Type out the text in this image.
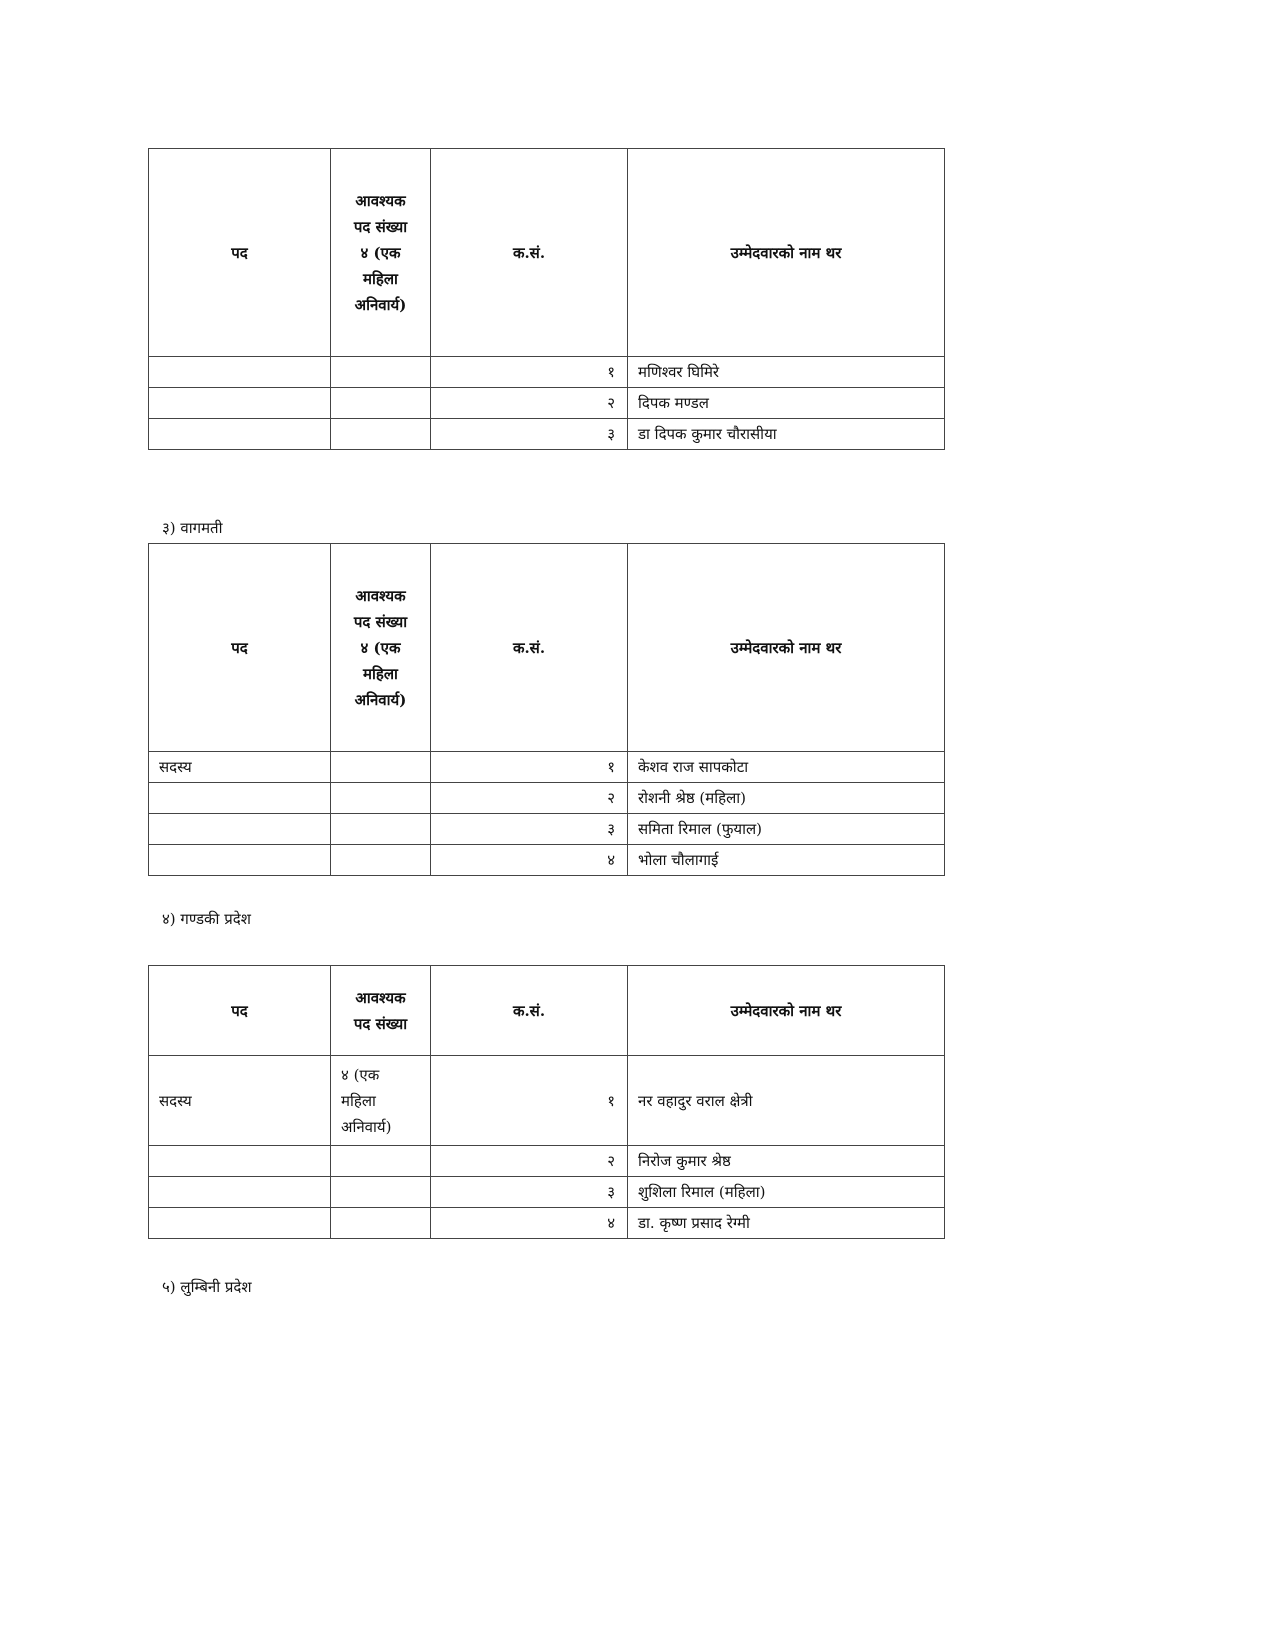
पद	आवश्यक
पद संख्या
४ (एक
महिला
अनिवार्य)	क.सं.	उम्मेदवारको नाम थर
		१	मणिश्वर घिमिरे
		२	दिपक मण्डल
		३	डा दिपक कुमार चौरासीया
३) वागमती
पद	आवश्यक
पद संख्या
४ (एक
महिला
अनिवार्य)	क.सं.	उम्मेदवारको नाम थर
सदस्य		१	केशव राज सापकोटा
		२	रोशनी श्रेष्ठ (महिला)
		३	समिता रिमाल (फुयाल)
		४	भोला चौलागाई
४) गण्डकी प्रदेश
पद	आवश्यक
पद संख्या	क.सं.	उम्मेदवारको नाम थर
सदस्य	४ (एक
महिला
अनिवार्य)	१	नर वहादुर वराल क्षेत्री
		२	निरोज कुमार श्रेष्ठ
		३	शुशिला रिमाल (महिला)
		४	डा. कृष्ण प्रसाद रेग्मी
५) लुम्बिनी प्रदेश
